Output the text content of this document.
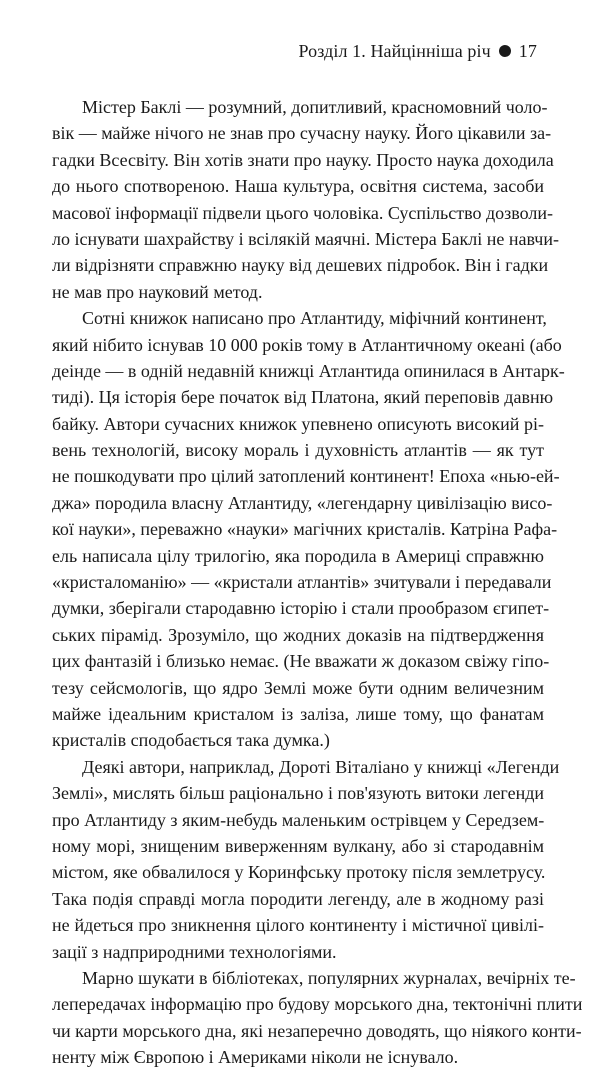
Розділ 1. Найцінніша річ 17

Містер Баклі — розумний, допитливий, красномовний чоло-
вік — майже нічого не знав про сучасну науку. Його цікавили за-
гадки Всесвіту. Він хотів знати про науку. Просто наука доходила
до нього спотвореною. Наша культура, освітня система, засоби
масової інформації підвели цього чоловіка. Суспільство дозволи-
ло існувати шахрайству і всілякій маячні. Містера Баклі не навчи-
ли відрізняти справжню науку від дешевих підробок. Він і гадки
не мав про науковий метод.

Сотні книжок написано про Атлантиду, міфічний континент,
який нібито існував 10 000 років тому в Атлантичному океані (або
деінде — в одній недавній книжці Атлантида опинилася в Антарк-
тиді). Ця історія бере початок від Платона, який переповів давню
байку. Автори сучасних книжок упевнено описують високий рі-
вень технологій, високу мораль і духовність атлантів — як тут
не пошкодувати про цілий затоплений континент! Епоха «нью-ей-
джа» породила власну Атлантиду, «легендарну цивілізацію висо-
кої науки», переважно «науки» магічних кристалів. Катріна Рафа-
ель написала цілу трилогію, яка породила в Америці справжню
«кристаломанію» — «кристали атлантів» зчитували і передавали
думки, зберігали стародавню історію і стали прообразом єгипет-
ських пірамід. Зрозуміло, що жодних доказів на підтвердження
цих фантазій і близько немає. (Не вважати ж доказом свіжу гіпо-
тезу сейсмологів, що ядро Землі може бути одним величезним
майже ідеальним кристалом із заліза, лише тому, що фанатам
кристалів сподобається така думка.)

Деякі автори, наприклад, Дороті Віталіано у книжці «Легенди
Землі», мислять більш раціонально і пов'язують витоки легенди
про Атлантиду з яким-небудь маленьким острівцем у Середзем-
ному морі, знищеним виверженням вулкану, або зі стародавнім
містом, яке обвалилося у Коринфську протоку після землетрусу.
Така подія справді могла породити легенду, але в жодному разі
не йдеться про зникнення цілого континенту і містичної цивілі-
зації з надприродними технологіями.

Марно шукати в бібліотеках, популярних журналах, вечірніх те-
лепередачах інформацію про будову морського дна, тектонічні плити
чи карти морського дна, які незаперечно доводять, що ніякого конти-
ненту між Європою і Америками ніколи не існувало.
